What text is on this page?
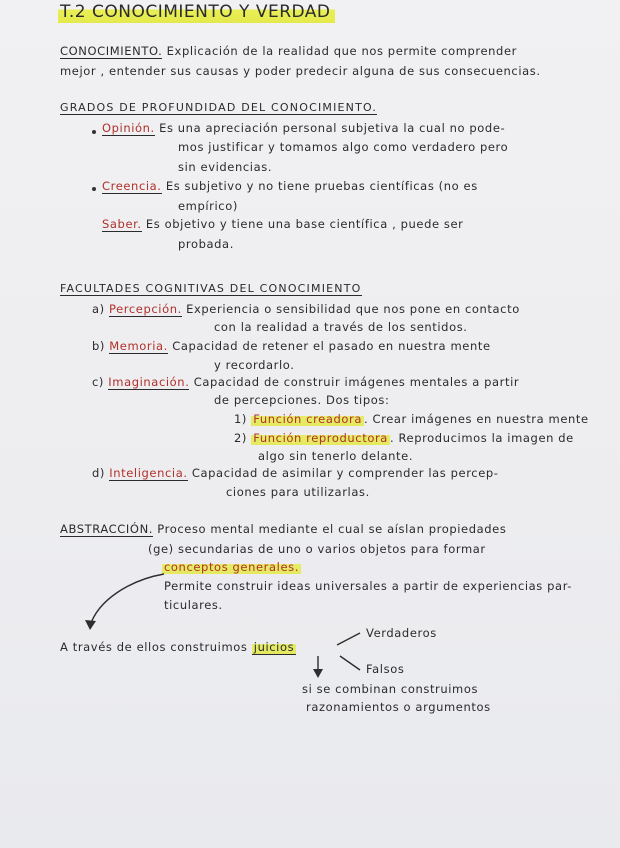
T.2 CONOCIMIENTO Y VERDAD
CONOCIMIENTO. Explicación de la realidad que nos permite comprender
mejor , entender sus causas y poder predecir alguna de sus consecuencias.
GRADOS DE PROFUNDIDAD DEL CONOCIMIENTO.
Opinión. Es una apreciación personal subjetiva la cual no pode-
mos justificar y tomamos algo como verdadero pero
sin evidencias.
Creencia. Es subjetivo y no tiene pruebas científicas (no es
empírico)
Saber. Es objetivo y tiene una base científica , puede ser
probada.
FACULTADES COGNITIVAS DEL CONOCIMIENTO
a) Percepción. Experiencia o sensibilidad que nos pone en contacto
con la realidad a través de los sentidos.
b) Memoria. Capacidad de retener el pasado en nuestra mente
y recordarlo.
c) Imaginación. Capacidad de construir imágenes mentales a partir
de percepciones. Dos tipos:
1) Función creadora . Crear imágenes en nuestra mente
2) Función reproductora . Reproducimos la imagen de
algo sin tenerlo delante.
d) Inteligencia. Capacidad de asimilar y comprender las percep-
ciones para utilizarlas.
ABSTRACCIÓN. Proceso mental mediante el cual se aíslan propiedades
(ge) secundarias de uno o varios objetos para formar
conceptos generales.
Permite construir ideas universales a partir de experiencias par-
ticulares.
A través de ellos construimos juicios
Verdaderos
Falsos
si se combinan construimos
razonamientos o argumentos
